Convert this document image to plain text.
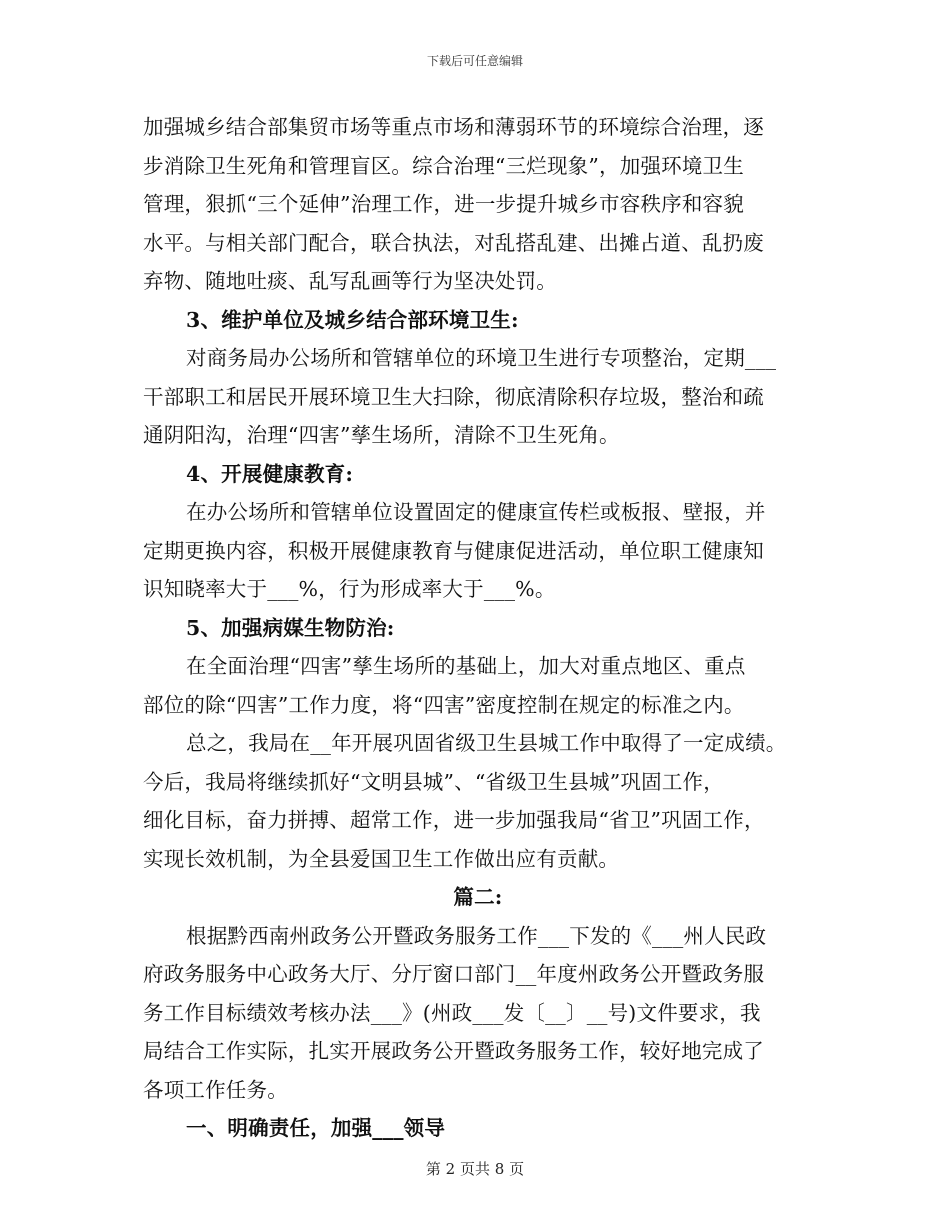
下载后可任意编辑
加强城乡结合部集贸市场等重点市场和薄弱环节的环境综合治理，逐
步消除卫生死角和管理盲区。综合治理“三烂现象”，加强环境卫生
管理，狠抓“三个延伸”治理工作，进一步提升城乡市容秩序和容貌
水平。与相关部门配合，联合执法，对乱搭乱建、出摊占道、乱扔废
弃物、随地吐痰、乱写乱画等行为坚决处罚。
3、维护单位及城乡结合部环境卫生:
对商务局办公场所和管辖单位的环境卫生进行专项整治，定期___
干部职工和居民开展环境卫生大扫除，彻底清除积存垃圾，整治和疏
通阴阳沟，治理“四害”孳生场所，清除不卫生死角。
4、开展健康教育:
在办公场所和管辖单位设置固定的健康宣传栏或板报、壁报，并
定期更换内容，积极开展健康教育与健康促进活动，单位职工健康知
识知晓率大于___%，行为形成率大于___%。
5、加强病媒生物防治:
在全面治理“四害”孳生场所的基础上，加大对重点地区、重点
部位的除“四害”工作力度，将“四害”密度控制在规定的标准之内。
总之，我局在__年开展巩固省级卫生县城工作中取得了一定成绩。
今后，我局将继续抓好“文明县城”、“省级卫生县城”巩固工作，
细化目标，奋力拼搏、超常工作，进一步加强我局“省卫”巩固工作，
实现长效机制，为全县爱国卫生工作做出应有贡献。
篇二:
根据黔西南州政务公开暨政务服务工作___下发的《___州人民政
府政务服务中心政务大厅、分厅窗口部门__年度州政务公开暨政务服
务工作目标绩效考核办法___》(州政___发〔__〕__号)文件要求，我
局结合工作实际，扎实开展政务公开暨政务服务工作，较好地完成了
各项工作任务。
一、明确责任，加强___领导
第 2 页共 8 页
